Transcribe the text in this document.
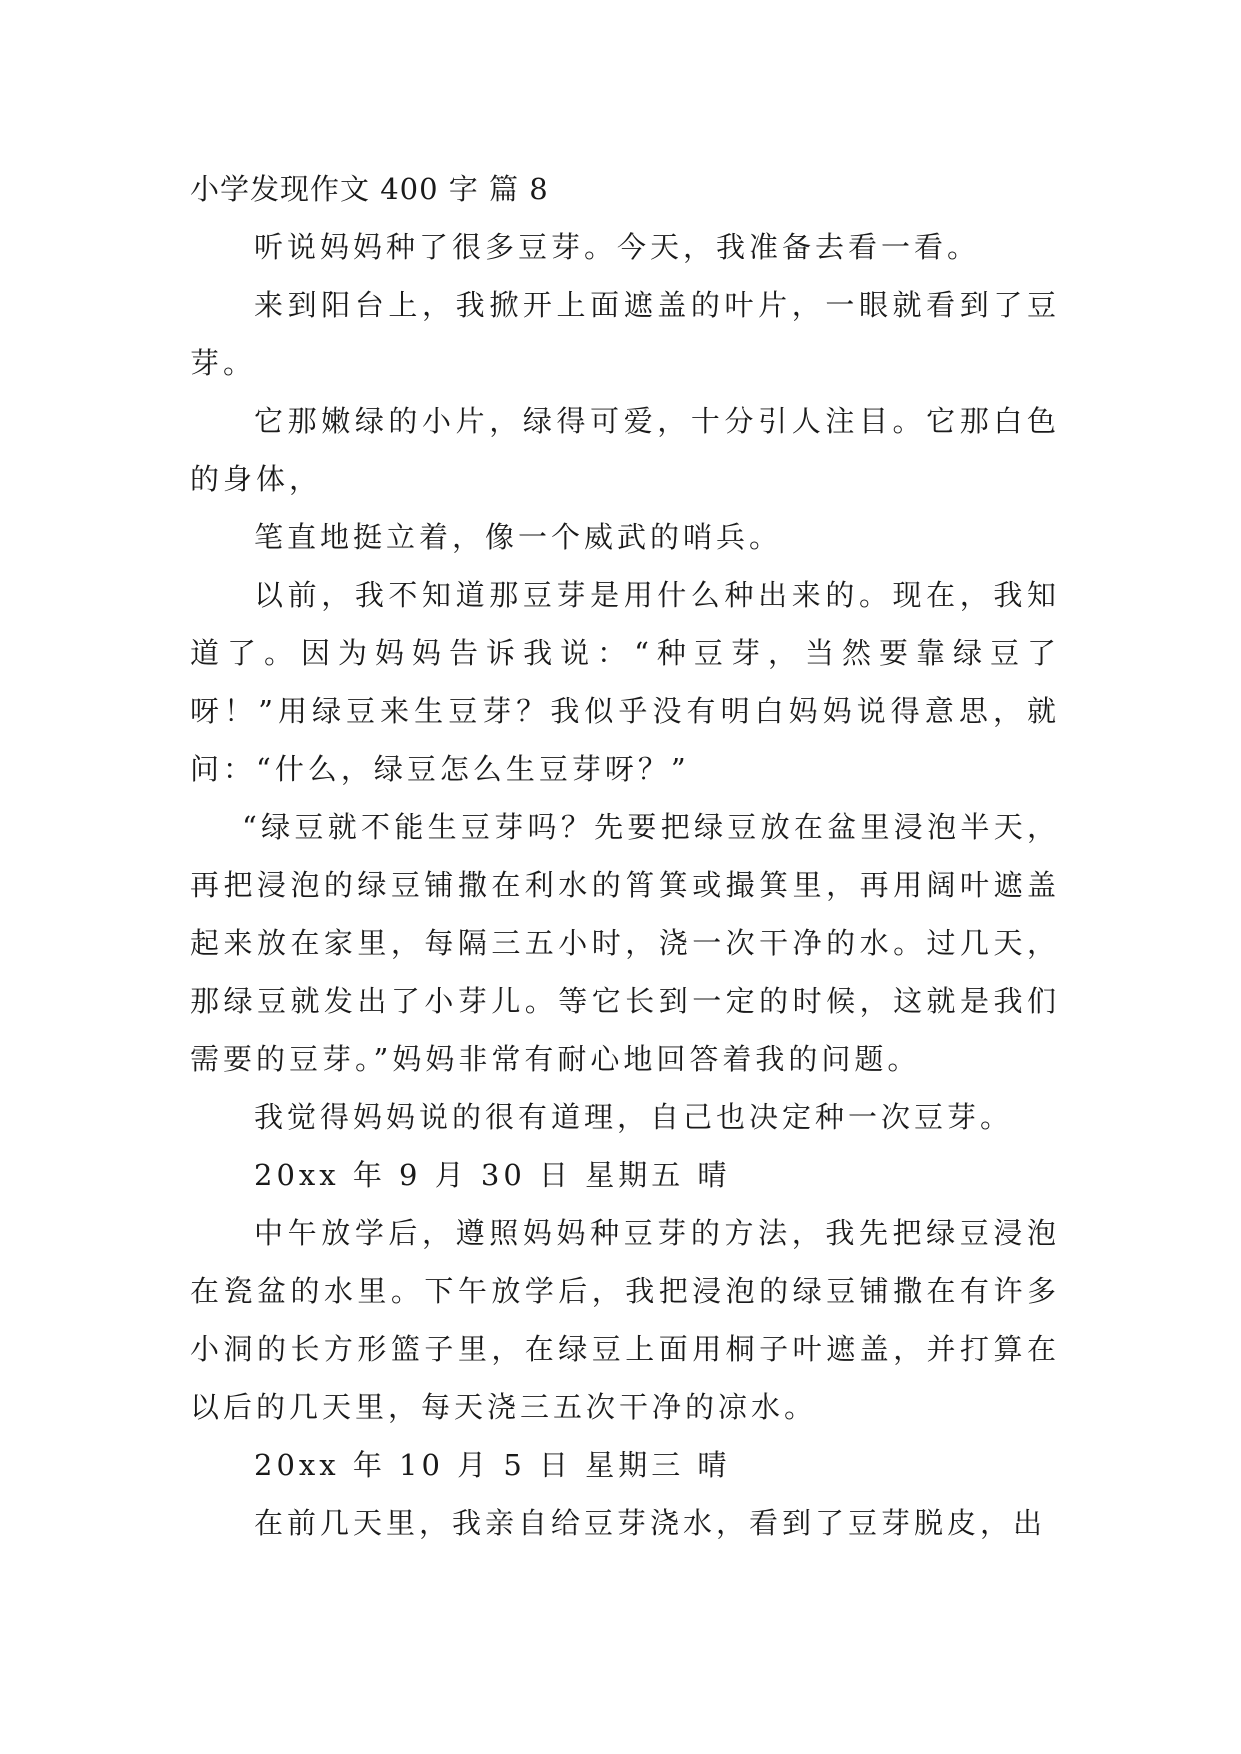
小学发现作文 400 字 篇 8

听说妈妈种了很多豆芽。今天，我准备去看一看。

来到阳台上，我掀开上面遮盖的叶片，一眼就看到了豆芽。

它那嫩绿的小片，绿得可爱，十分引人注目。它那白色的身体，

笔直地挺立着，像一个威武的哨兵。

以前，我不知道那豆芽是用什么种出来的。现在，我知道了。因为妈妈告诉我说：“种豆芽，当然要靠绿豆了呀！”用绿豆来生豆芽？我似乎没有明白妈妈说得意思，就问：“什么，绿豆怎么生豆芽呀？”

“绿豆就不能生豆芽吗？先要把绿豆放在盆里浸泡半天，再把浸泡的绿豆铺撒在利水的筲箕或撮箕里，再用阔叶遮盖起来放在家里，每隔三五小时，浇一次干净的水。过几天，那绿豆就发出了小芽儿。等它长到一定的时候，这就是我们需要的豆芽。”妈妈非常有耐心地回答着我的问题。

我觉得妈妈说的很有道理，自己也决定种一次豆芽。

20xx 年 9 月 30 日 星期五 晴

中午放学后，遵照妈妈种豆芽的方法，我先把绿豆浸泡在瓷盆的水里。下午放学后，我把浸泡的绿豆铺撒在有许多小洞的长方形篮子里，在绿豆上面用桐子叶遮盖，并打算在以后的几天里，每天浇三五次干净的凉水。

20xx 年 10 月 5 日 星期三 晴

在前几天里，我亲自给豆芽浇水，看到了豆芽脱皮，出
